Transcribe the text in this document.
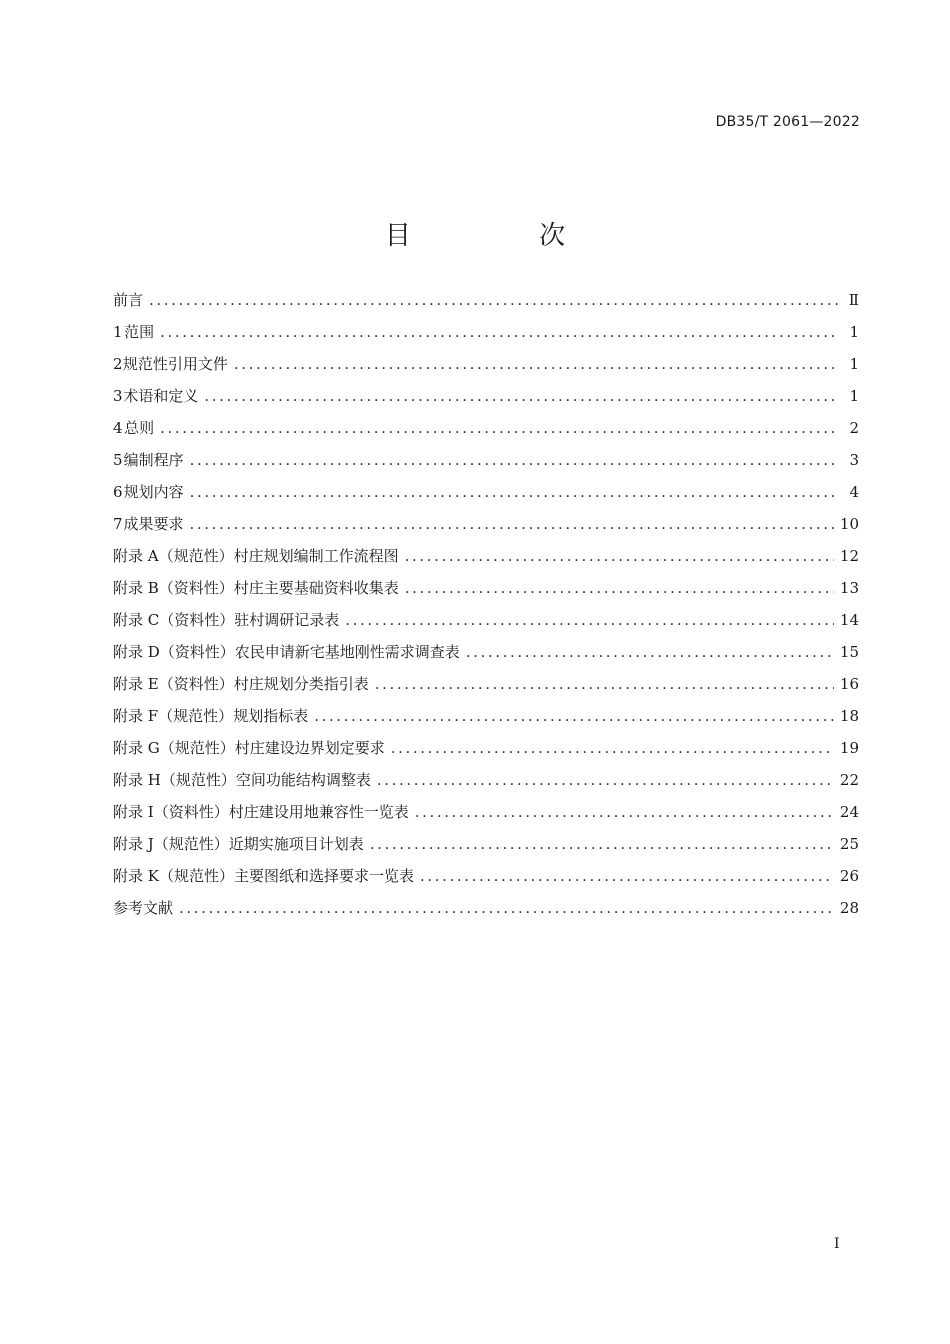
DB35/T 2061—2022
目 次
前言 .....	Ⅱ
1 范围 .....	1
2 规范性引用文件 .....	1
3 术语和定义 .....	1
4 总则 .....	2
5 编制程序 .....	3
6 规划内容 .....	4
7 成果要求 .....	10
附录 A（规范性） 村庄规划编制工作流程图 .....	12
附录 B（资料性） 村庄主要基础资料收集表 .....	13
附录 C（资料性） 驻村调研记录表 .....	14
附录 D（资料性） 农民申请新宅基地刚性需求调查表 .....	15
附录 E（资料性） 村庄规划分类指引表 .....	16
附录 F（规范性） 规划指标表 .....	18
附录 G（规范性） 村庄建设边界划定要求 .....	19
附录 H（规范性） 空间功能结构调整表 .....	22
附录 I（资料性） 村庄建设用地兼容性一览表 .....	24
附录 J（规范性） 近期实施项目计划表 .....	25
附录 K（规范性） 主要图纸和选择要求一览表 .....	26
参考文献 .....	28
I
